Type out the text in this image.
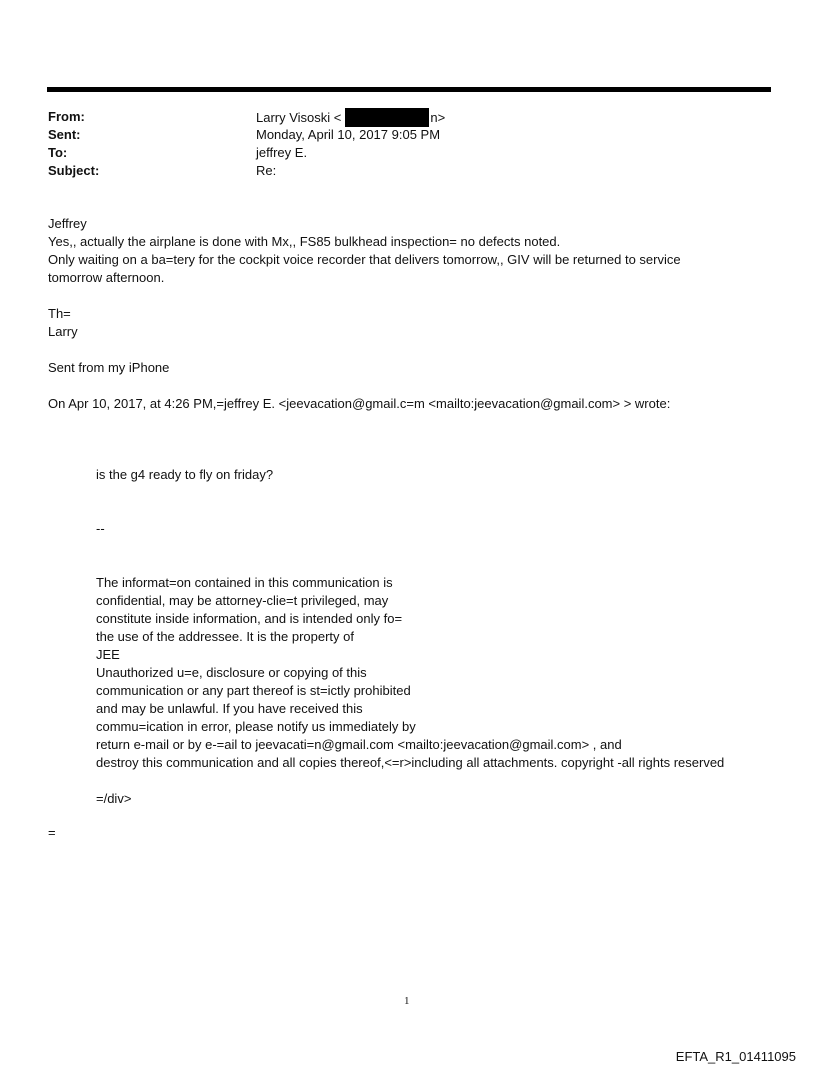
From:	Larry Visoski <	n>
Sent:	Monday, April 10, 2017 9:05 PM
To:	jeffrey E.
Subject:	Re:

Jeffrey

Yes,, actually the airplane is done with Mx,, FS85 bulkhead inspection= no defects noted.

Only waiting on a ba=tery for the cockpit voice recorder that delivers tomorrow,, GIV will be returned to service

tomorrow afternoon.

Th=

Larry

Sent from my iPhone

On Apr 10, 2017, at 4:26 PM,=jeffrey E. <jeevacation@gmail.c=m <mailto:jeevacation@gmail.com> > wrote:

is the g4 ready to fly on friday?

--

The informat=on contained in this communication is

confidential, may be attorney-clie=t privileged, may

constitute inside information, and is intended only fo=

the use of the addressee. It is the property of

JEE

Unauthorized u=e, disclosure or copying of this

communication or any part thereof is st=ictly prohibited

and may be unlawful. If you have received this

commu=ication in error, please notify us immediately by

return e-mail or by e-=ail to jeevacati=n@gmail.com <mailto:jeevacation@gmail.com> , and

destroy this communication and all copies thereof,<=r>including all attachments. copyright -all rights reserved

=/div>

=
1
EFTA_R1_01411095
